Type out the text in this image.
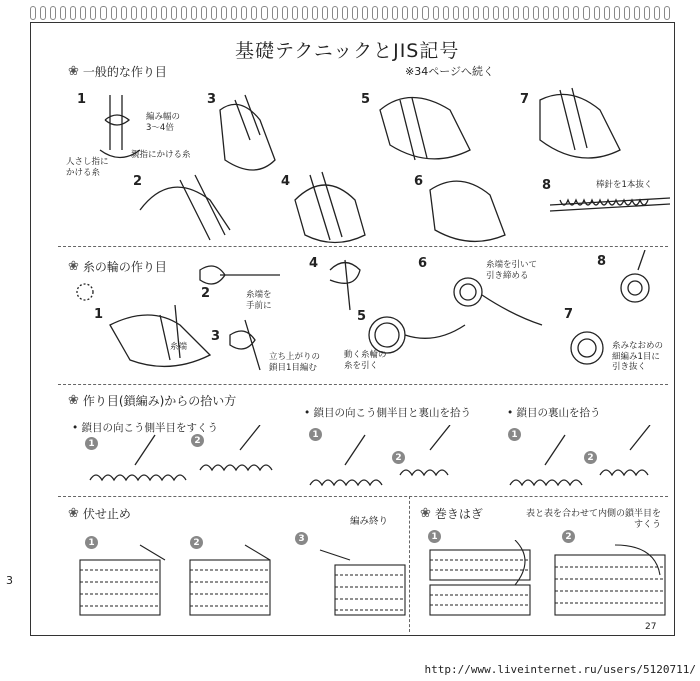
基礎テクニックとJIS記号
※34ページへ続く
❀ 一般的な作り目
1
2
3
4
5
6
7
8
編み幅の
3〜4倍
親指にかける糸
人さし指に
かける糸
棒針を1本抜く
❀ 糸の輪の作り目
1
2
3
4
5
6
7
8
糸端
糸端を
手前に
立ち上がりの
鎖目1目編む
動く糸輪の
糸を引く
糸端を引いて
引き締める
糸みなおめの
細編み1目に
引き抜く
❀ 作り目(鎖編み)からの拾い方
• 鎖目の向こう側半目をすくう
• 鎖目の向こう側半目と裏山を拾う	• 鎖目の裏山を拾う
1	2
1
2
1
2
❀ 伏せ止め
1	2	3
編み終り
❀ 巻きはぎ	表と表を合わせて内側の鎖半目を
すくう
1	2
27
3
http://www.liveinternet.ru/users/5120711/
